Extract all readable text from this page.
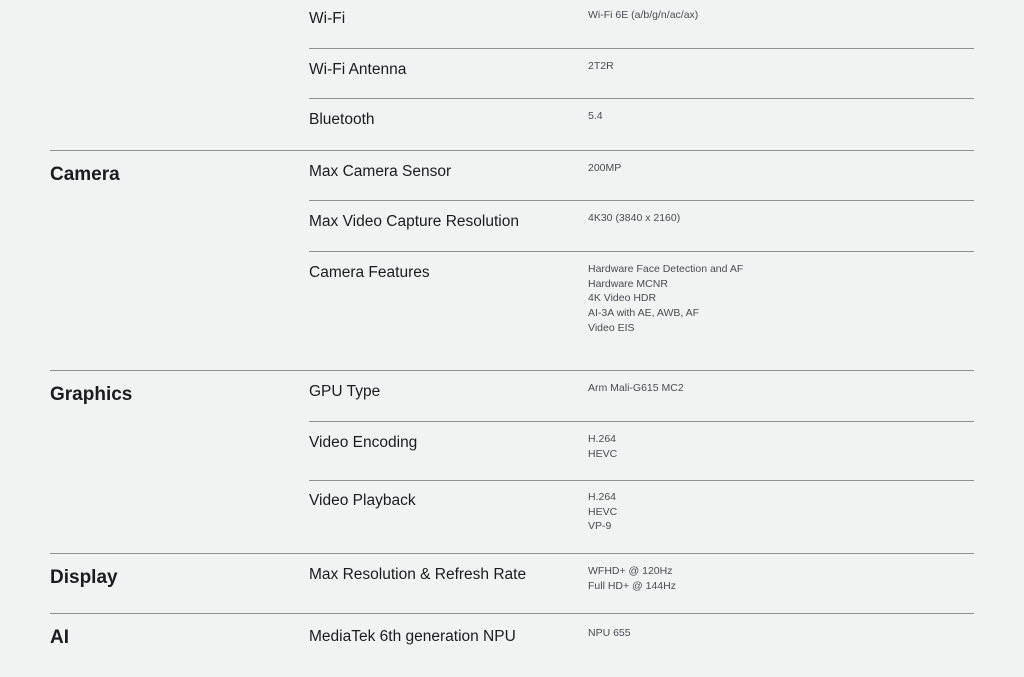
Wi-Fi	Wi-Fi 6E (a/b/g/n/ac/ax)
Wi-Fi Antenna	2T2R
Bluetooth	5.4
Camera	Max Camera Sensor	200MP
Max Video Capture Resolution	4K30 (3840 x 2160)
Camera Features	Hardware Face Detection and AF
Hardware MCNR
4K Video HDR
AI-3A with AE, AWB, AF
Video EIS
Graphics	GPU Type	Arm Mali-G615 MC2
Video Encoding	H.264
HEVC
Video Playback	H.264
HEVC
VP-9
Display	Max Resolution & Refresh Rate	WFHD+ @ 120Hz
Full HD+ @ 144Hz
AI	MediaTek 6th generation NPU	NPU 655
